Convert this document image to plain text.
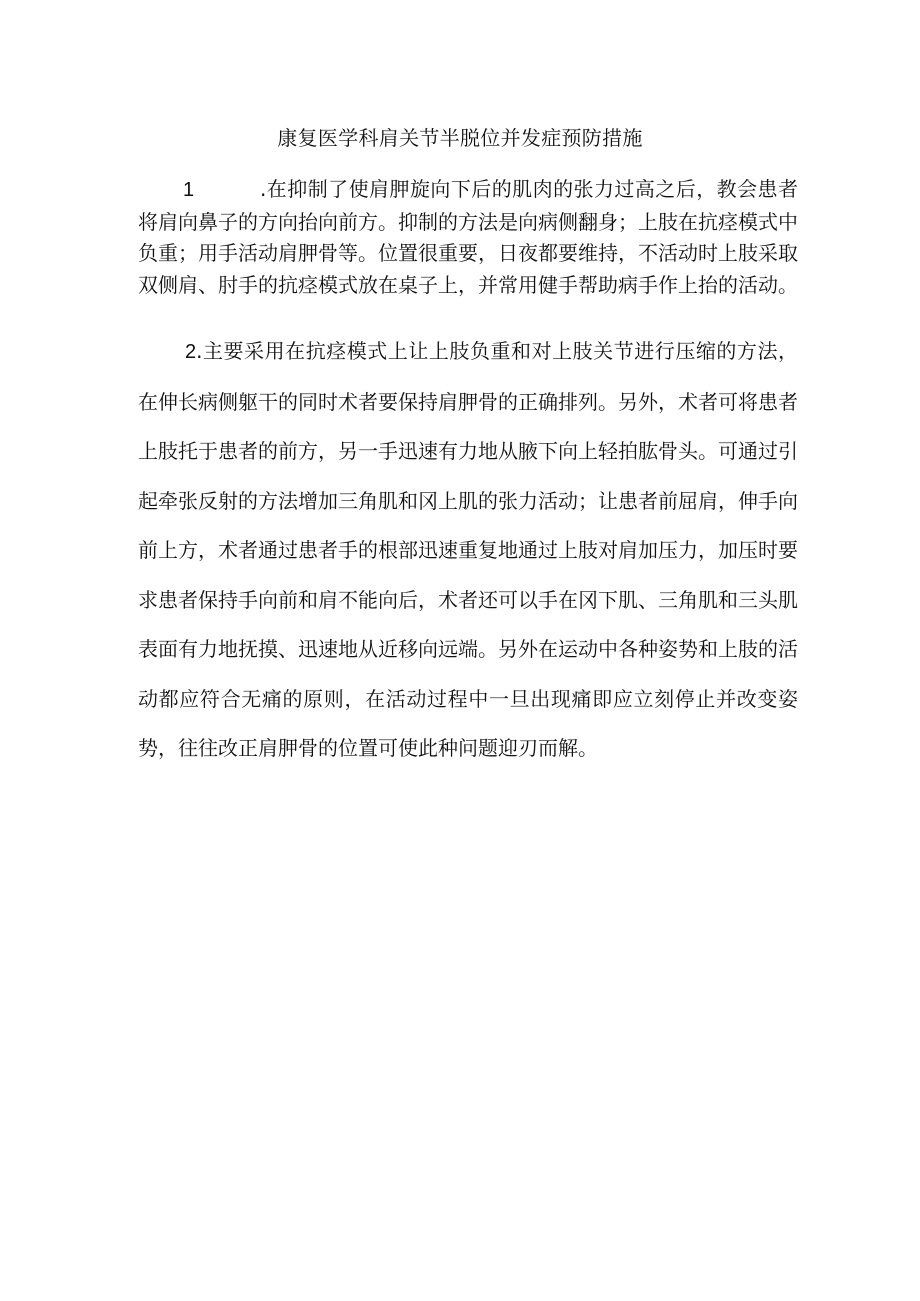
康复医学科肩关节半脱位并发症预防措施

1	.在抑制了使肩胛旋向下后的肌肉的张力过高之后，教会患者将肩向鼻子的方向抬向前方。抑制的方法是向病侧翻身；上肢在抗痉模式中负重；用手活动肩胛骨等。位置很重要，日夜都要维持，不活动时上肢采取双侧肩、肘手的抗痉模式放在桌子上，并常用健手帮助病手作上抬的活动。

2.主要采用在抗痉模式上让上肢负重和对上肢关节进行压缩的方法，在伸长病侧躯干的同时术者要保持肩胛骨的正确排列。另外，术者可将患者上肢托于患者的前方，另一手迅速有力地从腋下向上轻拍肱骨头。可通过引起牵张反射的方法增加三角肌和冈上肌的张力活动；让患者前屈肩，伸手向前上方，术者通过患者手的根部迅速重复地通过上肢对肩加压力，加压时要求患者保持手向前和肩不能向后，术者还可以手在冈下肌、三角肌和三头肌表面有力地抚摸、迅速地从近移向远端。另外在运动中各种姿势和上肢的活动都应符合无痛的原则，在活动过程中一旦出现痛即应立刻停止并改变姿势，往往改正肩胛骨的位置可使此种问题迎刃而解。
